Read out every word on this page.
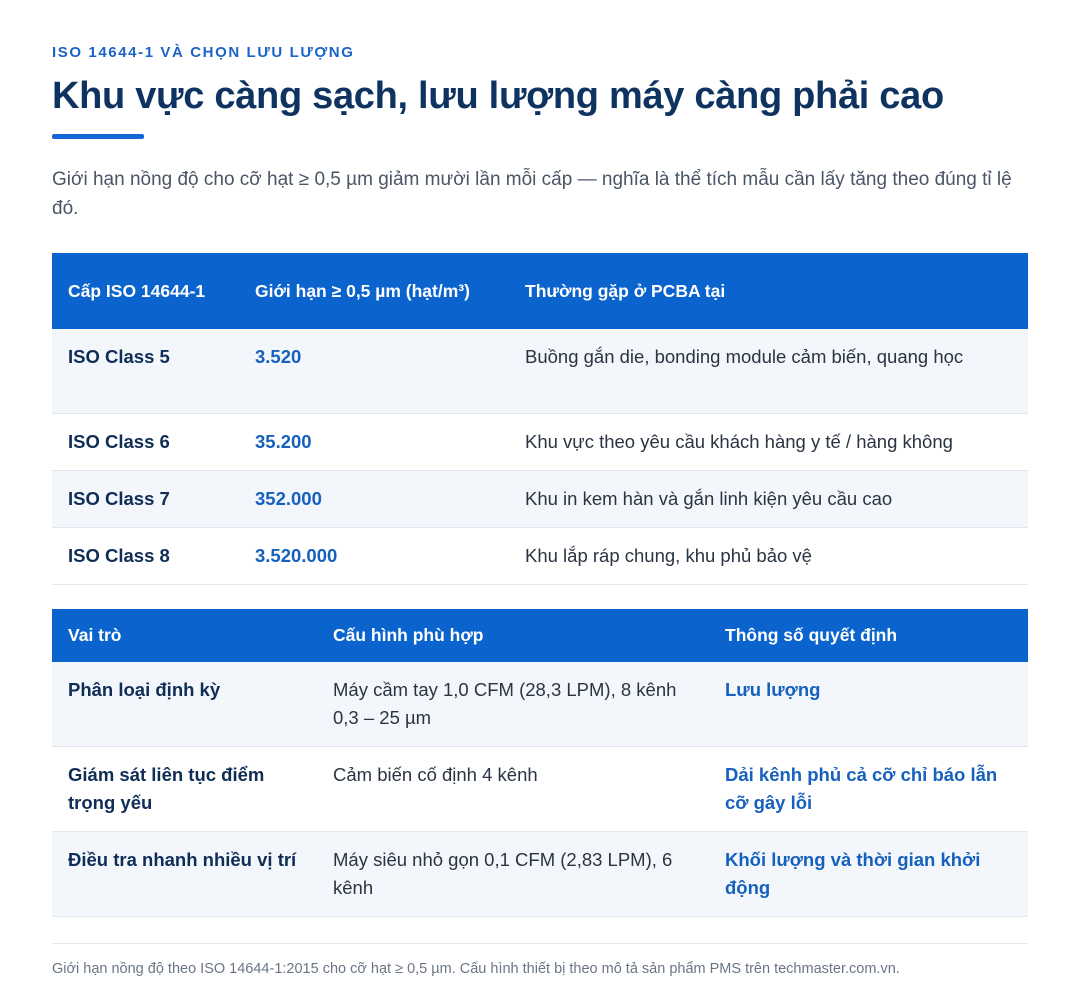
ISO 14644-1 VÀ CHỌN LƯU LƯỢNG
Khu vực càng sạch, lưu lượng máy càng phải cao

Giới hạn nồng độ cho cỡ hạt ≥ 0,5 µm giảm mười lần mỗi cấp — nghĩa là thể tích mẫu cần lấy tăng theo đúng tỉ lệ đó.

Cấp ISO 14644-1	Giới hạn ≥ 0,5 µm (hạt/m³)	Thường gặp ở PCBA tại
ISO Class 5	3.520	Buồng gắn die, bonding module cảm biến, quang học
ISO Class 6	35.200	Khu vực theo yêu cầu khách hàng y tế / hàng không
ISO Class 7	352.000	Khu in kem hàn và gắn linh kiện yêu cầu cao
ISO Class 8	3.520.000	Khu lắp ráp chung, khu phủ bảo vệ
Vai trò	Cấu hình phù hợp	Thông số quyết định
Phân loại định kỳ	Máy cầm tay 1,0 CFM (28,3 LPM), 8 kênh 0,3 – 25 µm	Lưu lượng
Giám sát liên tục điểm trọng yếu	Cảm biến cố định 4 kênh	Dải kênh phủ cả cỡ chỉ báo lẫn cỡ gây lỗi
Điều tra nhanh nhiều vị trí	Máy siêu nhỏ gọn 0,1 CFM (2,83 LPM), 6 kênh	Khối lượng và thời gian khởi động
Giới hạn nồng độ theo ISO 14644-1:2015 cho cỡ hạt ≥ 0,5 µm. Cấu hình thiết bị theo mô tả sản phẩm PMS trên techmaster.com.vn.
